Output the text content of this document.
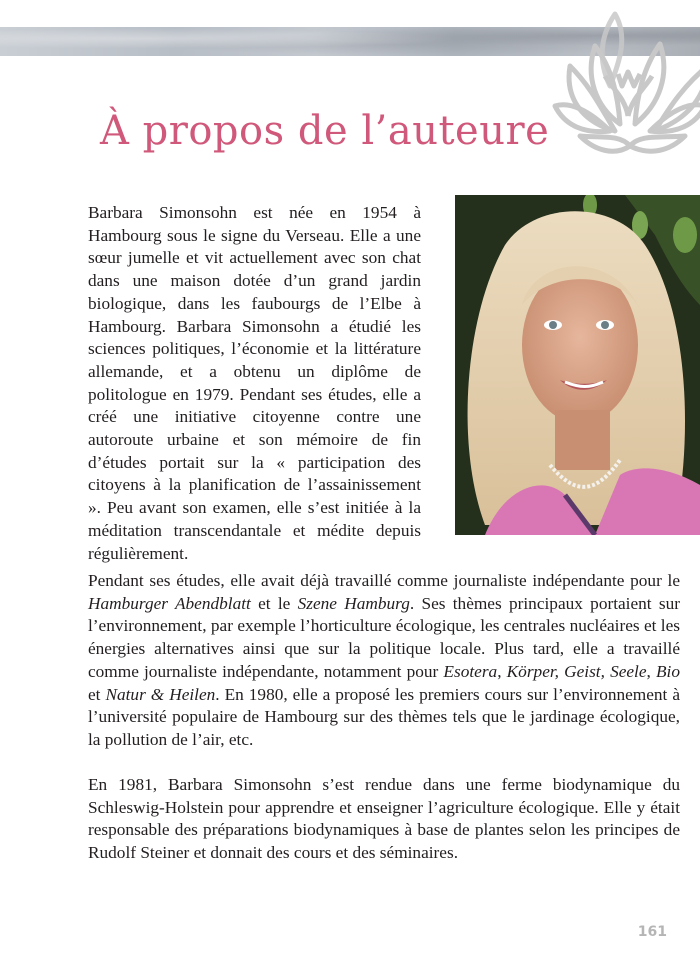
À propos de l’auteure

Barbara Simonsohn est née en 1954 à Hambourg sous le signe du Verseau. Elle a une sœur jumelle et vit actuellement avec son chat dans une maison dotée d’un grand jardin biologique, dans les faubourgs de l’Elbe à Hambourg. Barbara Simonsohn a étudié les sciences politiques, l’économie et la littérature allemande, et a obtenu un diplôme de politologue en 1979. Pendant ses études, elle a créé une initiative citoyenne contre une autoroute urbaine et son mémoire de fin d’études portait sur la « participation des citoyens à la planification de l’assainissement ». Peu avant son examen, elle s’est initiée à la méditation transcendantale et médite depuis régulièrement.

Pendant ses études, elle avait déjà travaillé comme journaliste indépendante pour le Hamburger Abendblatt et le Szene Hamburg. Ses thèmes principaux portaient sur l’environnement, par exemple l’horticulture écologique, les centrales nucléaires et les énergies alternatives ainsi que sur la politique locale. Plus tard, elle a travaillé comme journaliste indépendante, notamment pour Esotera, Körper, Geist, Seele, Bio et Natur & Heilen. En 1980, elle a proposé les premiers cours sur l’environnement à l’université populaire de Hambourg sur des thèmes tels que le jardinage écologique, la pollution de l’air, etc.

En 1981, Barbara Simonsohn s’est rendue dans une ferme biodynamique du Schleswig-Holstein pour apprendre et enseigner l’agriculture écologique. Elle y était responsable des préparations biodynamiques à base de plantes selon les principes de Rudolf Steiner et donnait des cours et des séminaires.

161
